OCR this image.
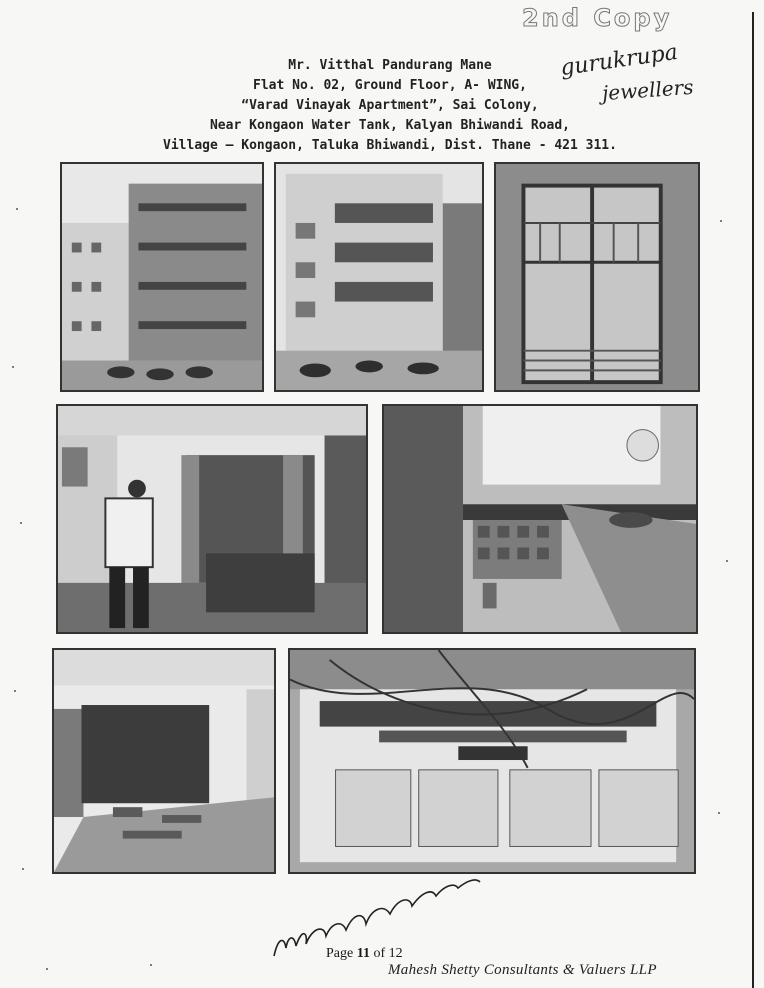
2nd Copy
gurukrupa
jewellers
Mr. Vitthal Pandurang Mane
Flat No. 02, Ground Floor, A- WING,
“Varad Vinayak Apartment”, Sai Colony,
Near Kongaon Water Tank, Kalyan Bhiwandi Road,
Village – Kongaon, Taluka Bhiwandi, Dist. Thane - 421 311.
Page 11 of 12
Mahesh Shetty Consultants & Valuers LLP
